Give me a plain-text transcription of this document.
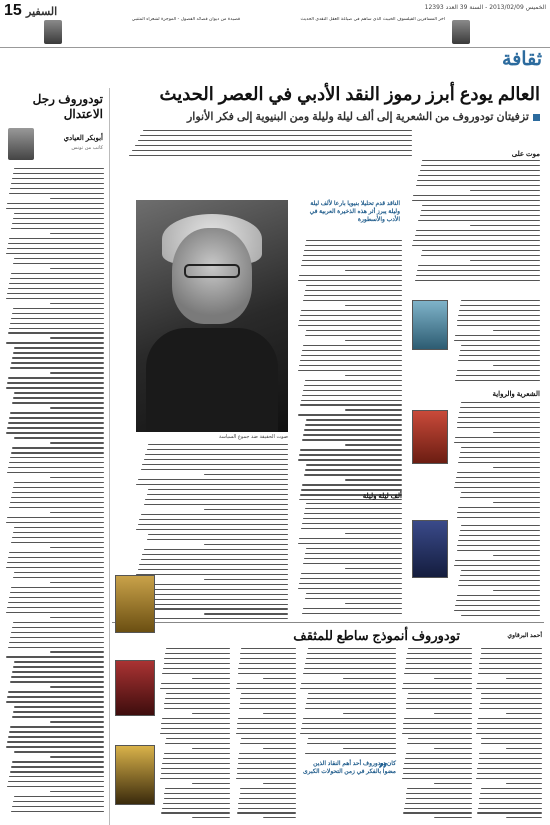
15 السفير	الخميس 2013/02/09 - السنة 39 العدد 12393
قصيدة من ديوان قصائد الفصول - الموجزة لشعراء المتنبي	آخر المسافرين الفيلسوف الخبيث الذي ساهم في صياغة العقل النقدي الحديث
ثقافة
تودوروف رجل الاعتدال
أبوبكر العيادي
كاتب من تونس
العالم يودع أبرز رموز النقد الأدبي في العصر الحديث
تزفيتان تودوروف من الشعرية إلى ألف ليلة وليلة ومن البنيوية إلى فكر الأنوار
صوت الحقيقة ضد جموع السياسة
الناقد قدم تحليلا بنيويا بارعا لألف ليلة وليلة يبرز أثر هذه الذخيرة العربية في الأدب والأسطورة
ألف ليلة وليلة
موت على
الشعرية والرواية
تودوروف أنموذج ساطع للمثقف	أحمد البرقاوي
”
كان تودوروف أحد أهم النقاد الذين مضوا بالفكر في زمن التحولات الكبرى
